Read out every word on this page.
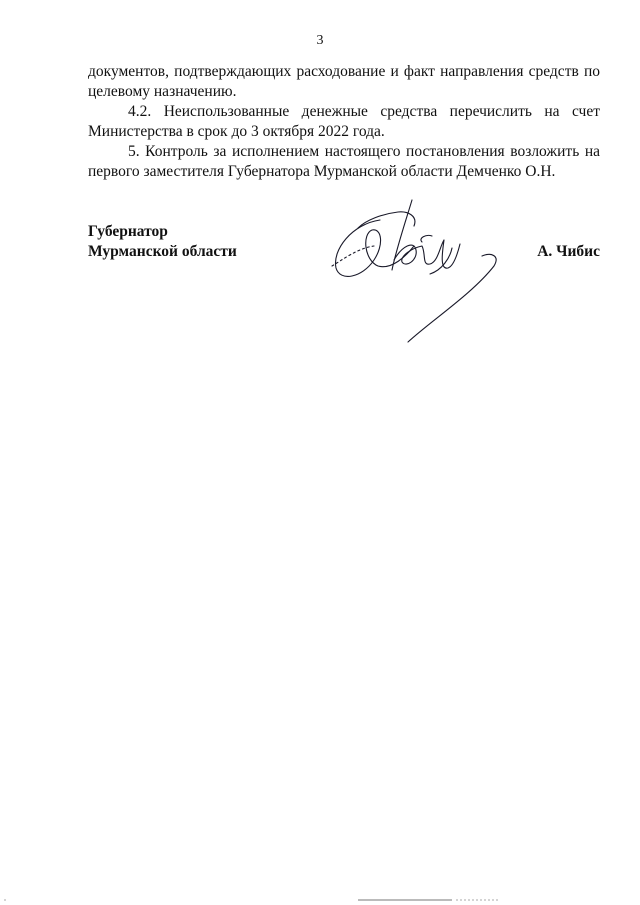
3

документов, подтверждающих расходование и факт направления средств по целевому назначению.

4.2. Неиспользованные денежные средства перечислить на счет Министерства в срок до 3 октября 2022 года.

5. Контроль за исполнением настоящего постановления возложить на первого заместителя Губернатора Мурманской области Демченко О.Н.

Губернатор
Мурманской области	А. Чибис
